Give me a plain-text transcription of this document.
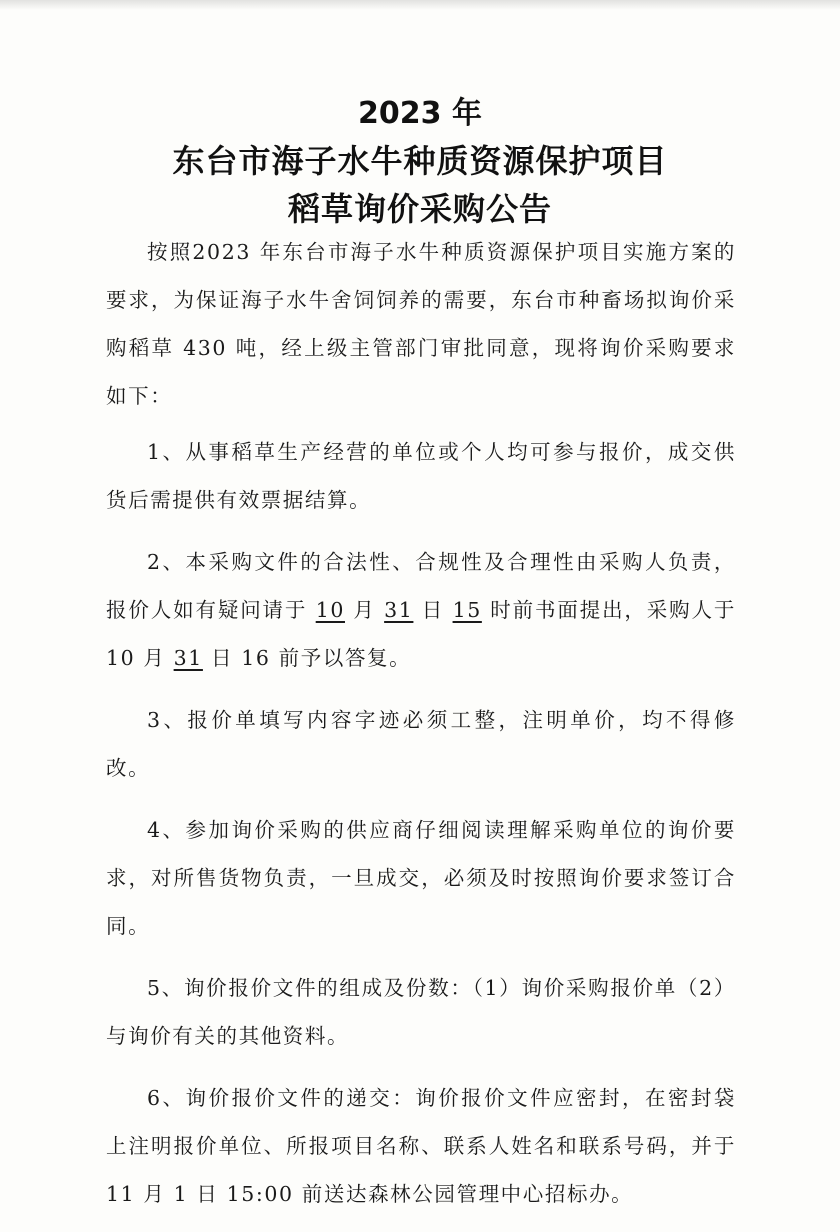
2023 年
东台市海子水牛种质资源保护项目
稻草询价采购公告

按照2023 年东台市海子水牛种质资源保护项目实施方案的要求，为保证海子水牛舍饲饲养的需要，东台市种畜场拟询价采购稻草 430 吨，经上级主管部门审批同意，现将询价采购要求如下：

1、从事稻草生产经营的单位或个人均可参与报价，成交供货后需提供有效票据结算。

2、本采购文件的合法性、合规性及合理性由采购人负责，报价人如有疑问请于 10 月 31 日 15 时前书面提出，采购人于 10 月 31 日 16 前予以答复。

3、报价单填写内容字迹必须工整，注明单价，均不得修改。

4、参加询价采购的供应商仔细阅读理解采购单位的询价要求，对所售货物负责，一旦成交，必须及时按照询价要求签订合同。

5、询价报价文件的组成及份数：（1）询价采购报价单（2）与询价有关的其他资料。

6、询价报价文件的递交：询价报价文件应密封，在密封袋上注明报价单位、所报项目名称、联系人姓名和联系号码，并于 11 月 1 日 15:00 前送达森林公园管理中心招标办。
